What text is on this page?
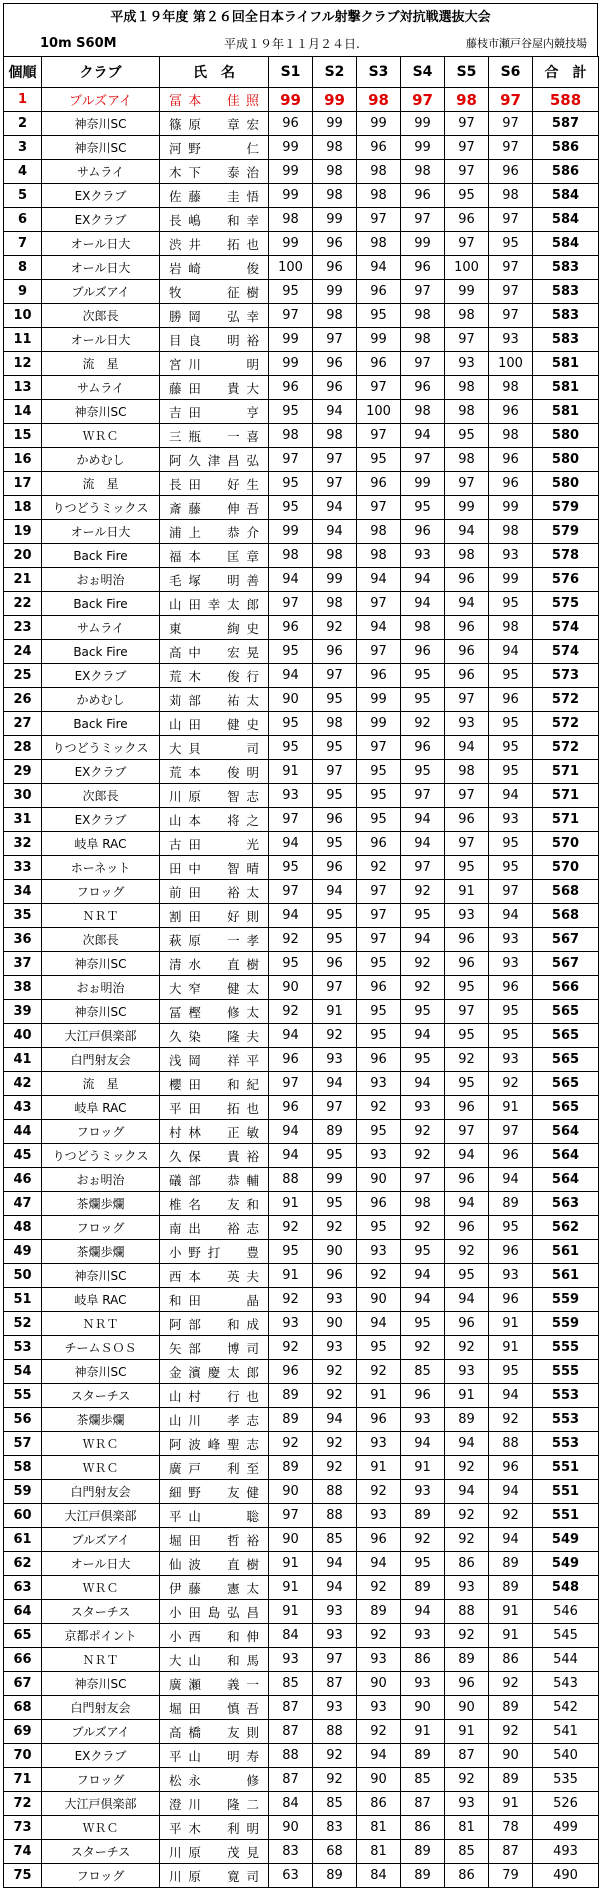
平成１９年度 第２６回全日本ライフル射撃クラブ対抗戦選抜大会
10m S60M	平成１９年１１月２４日.	藤枝市瀬戸谷屋内競技場
個順	クラブ	氏　名	S1	S2	S3	S4	S5	S6	合　計
1	ブルズアイ	冨本　佳照	99	99	98	97	98	97	588
2	神奈川SC	篠原　章宏	96	99	99	99	97	97	587
3	神奈川SC	河野　　仁	99	98	96	99	97	97	586
4	サムライ	木下　泰治	99	98	98	98	97	96	586
5	EXクラブ	佐藤　圭悟	99	98	98	96	95	98	584
6	EXクラブ	長嶋　和幸	98	99	97	97	96	97	584
7	オール日大	渋井　拓也	99	96	98	99	97	95	584
8	オール日大	岩崎　　俊	100	96	94	96	100	97	583
9	ブルズアイ	牧　　征樹	95	99	96	97	99	97	583
10	次郎長	勝岡　弘幸	97	98	95	98	98	97	583
11	オール日大	目良　明裕	99	97	99	98	97	93	583
12	流　星	宮川　　明	99	96	96	97	93	100	581
13	サムライ	藤田　貴大	96	96	97	96	98	98	581
14	神奈川SC	吉田　　亨	95	94	100	98	98	96	581
15	ＷＲＣ	三瓶　一喜	98	98	97	94	95	98	580
16	かめむし	阿久津昌弘	97	97	95	97	98	96	580
17	流　星	長田　好生	95	97	96	99	97	96	580
18	りつどうミックス	斎藤　伸吾	95	94	97	95	99	99	579
19	オール日大	浦上　恭介	99	94	98	96	94	98	579
20	Back Fire	福本　匡章	98	98	98	93	98	93	578
21	おぉ明治	毛塚　明善	94	99	94	94	96	99	576
22	Back Fire	山田幸太郎	97	98	97	94	94	95	575
23	サムライ	東　　絢史	96	92	94	98	96	98	574
24	Back Fire	高中　宏晃	95	96	97	96	96	94	574
25	EXクラブ	荒木　俊行	94	97	96	95	96	95	573
26	かめむし	苅部　祐太	90	95	99	95	97	96	572
27	Back Fire	山田　健史	95	98	99	92	93	95	572
28	りつどうミックス	大貝　　司	95	95	97	96	94	95	572
29	EXクラブ	荒本　俊明	91	97	95	95	98	95	571
30	次郎長	川原　智志	93	95	95	97	97	94	571
31	EXクラブ	山本　将之	97	96	95	94	96	93	571
32	岐阜 RAC	古田　　光	94	95	96	94	97	95	570
33	ホーネット	田中　智晴	95	96	92	97	95	95	570
34	フロッグ	前田　裕太	97	94	97	92	91	97	568
35	ＮＲＴ	割田　好則	94	95	97	95	93	94	568
36	次郎長	萩原　一孝	92	95	97	94	96	93	567
37	神奈川SC	清水　直樹	95	96	95	92	96	93	567
38	おぉ明治	大窄　健太	90	97	96	92	95	96	566
39	神奈川SC	冨樫　修太	92	91	95	95	97	95	565
40	大江戸倶楽部	久染　隆夫	94	92	95	94	95	95	565
41	白門射友会	浅岡　祥平	96	93	96	95	92	93	565
42	流　星	櫻田　和紀	97	94	93	94	95	92	565
43	岐阜 RAC	平田　拓也	96	97	92	93	96	91	565
44	フロッグ	村林　正敏	94	89	95	92	97	97	564
45	りつどうミックス	久保　貴裕	94	95	93	92	94	96	564
46	おぉ明治	礒部　恭輔	88	99	90	97	96	94	564
47	茶爛歩爛	椎名　友和	91	95	96	98	94	89	563
48	フロッグ	南出　裕志	92	92	95	92	96	95	562
49	茶爛歩爛	小野打　豊	95	90	93	95	92	96	561
50	神奈川SC	西本　英夫	91	96	92	94	95	93	561
51	岐阜 RAC	和田　　晶	92	93	90	94	94	96	559
52	ＮＲＴ	阿部　和成	93	90	94	95	96	91	559
53	チームＳＯＳ	矢部　博司	92	93	95	92	92	91	555
54	神奈川SC	金濱慶太郎	96	92	92	85	93	95	555
55	スターチス	山村　行也	89	92	91	96	91	94	553
56	茶爛歩爛	山川　孝志	89	94	96	93	89	92	553
57	ＷＲＣ	阿波峰聖志	92	92	93	94	94	88	553
58	ＷＲＣ	廣戸　利至	89	92	91	91	92	96	551
59	白門射友会	細野　友健	90	88	92	93	94	94	551
60	大江戸倶楽部	平山　　聡	97	88	93	89	92	92	551
61	ブルズアイ	堀田　哲裕	90	85	96	92	92	94	549
62	オール日大	仙波　直樹	91	94	94	95	86	89	549
63	ＷＲＣ	伊藤　憲太	91	94	92	89	93	89	548
64	スターチス	小田島弘昌	91	93	89	94	88	91	546
65	京都ポイント	小西　和伸	84	93	92	93	92	91	545
66	ＮＲＴ	大山　和馬	93	97	93	86	89	86	544
67	神奈川SC	廣瀬　義一	85	87	90	93	96	92	543
68	白門射友会	堀田　慎吾	87	93	93	90	90	89	542
69	ブルズアイ	高橋　友則	87	88	92	91	91	92	541
70	EXクラブ	平山　明寿	88	92	94	89	87	90	540
71	フロッグ	松永　　修	87	92	90	85	92	89	535
72	大江戸倶楽部	澄川　隆二	84	85	86	87	93	91	526
73	ＷＲＣ	平木　利明	90	83	81	86	81	78	499
74	スターチス	川原　茂見	83	68	81	89	85	87	493
75	フロッグ	川原　寛司	63	89	84	89	86	79	490
